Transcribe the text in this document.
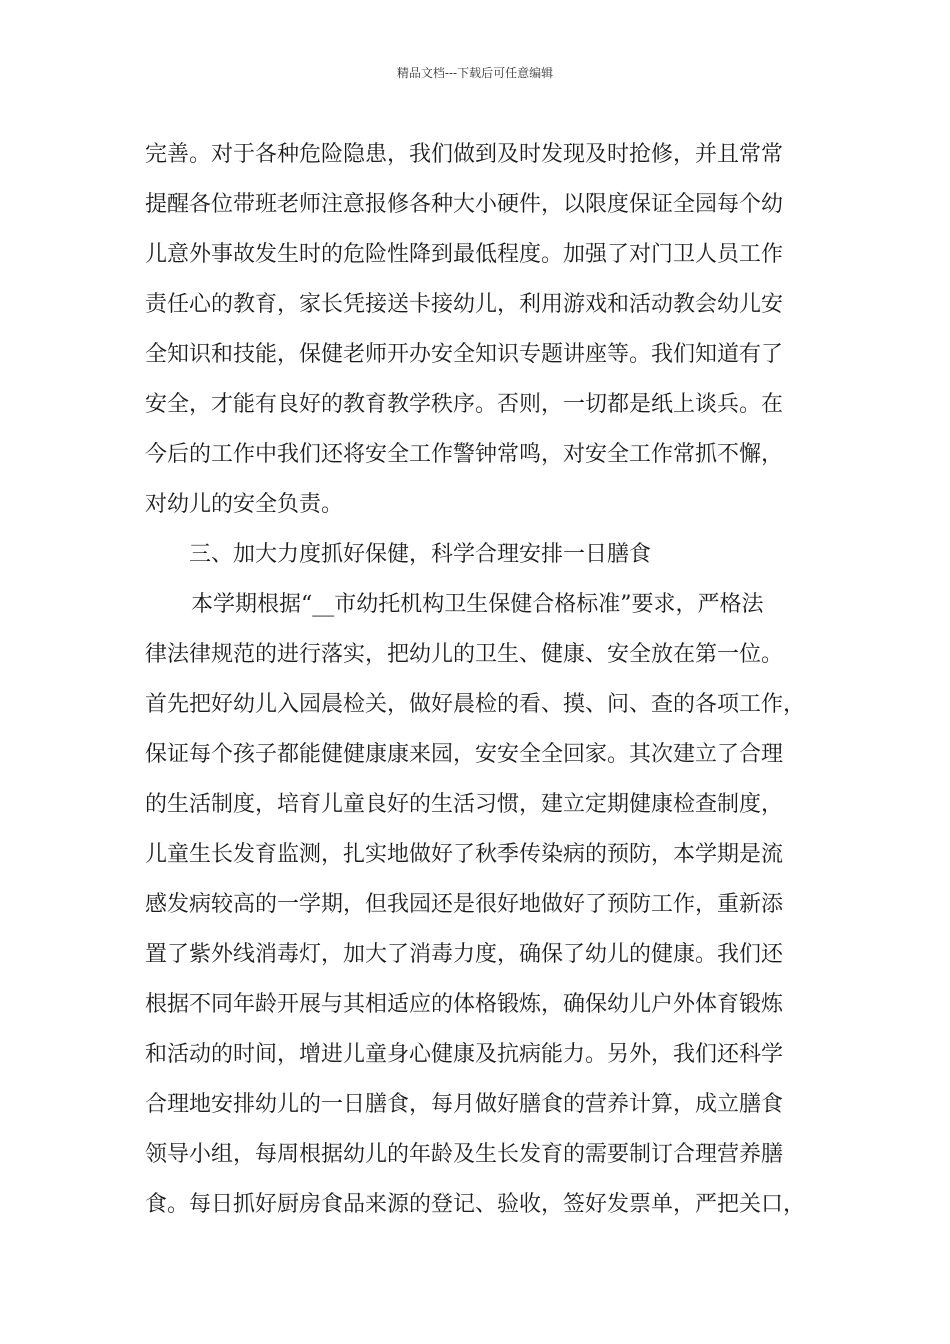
精品文档---下载后可任意编辑
完善。对于各种危险隐患，我们做到及时发现及时抢修，并且常常
提醒各位带班老师注意报修各种大小硬件，以限度保证全园每个幼
儿意外事故发生时的危险性降到最低程度。加强了对门卫人员工作
责任心的教育，家长凭接送卡接幼儿，利用游戏和活动教会幼儿安
全知识和技能，保健老师开办安全知识专题讲座等。我们知道有了
安全，才能有良好的教育教学秩序。否则，一切都是纸上谈兵。在
今后的工作中我们还将安全工作警钟常鸣，对安全工作常抓不懈，
对幼儿的安全负责。
三、加大力度抓好保健，科学合理安排一日膳食
本学期根据“__市幼托机构卫生保健合格标准”要求，严格法
律法律规范的进行落实，把幼儿的卫生、健康、安全放在第一位。
首先把好幼儿入园晨检关，做好晨检的看、摸、问、查的各项工作，
保证每个孩子都能健健康康来园，安安全全回家。其次建立了合理
的生活制度，培育儿童良好的生活习惯，建立定期健康检查制度，
儿童生长发育监测，扎实地做好了秋季传染病的预防，本学期是流
感发病较高的一学期，但我园还是很好地做好了预防工作，重新添
置了紫外线消毒灯，加大了消毒力度，确保了幼儿的健康。我们还
根据不同年龄开展与其相适应的体格锻炼，确保幼儿户外体育锻炼
和活动的时间，增进儿童身心健康及抗病能力。另外，我们还科学
合理地安排幼儿的一日膳食，每月做好膳食的营养计算，成立膳食
领导小组，每周根据幼儿的年龄及生长发育的需要制订合理营养膳
食。每日抓好厨房食品来源的登记、验收，签好发票单，严把关口，
